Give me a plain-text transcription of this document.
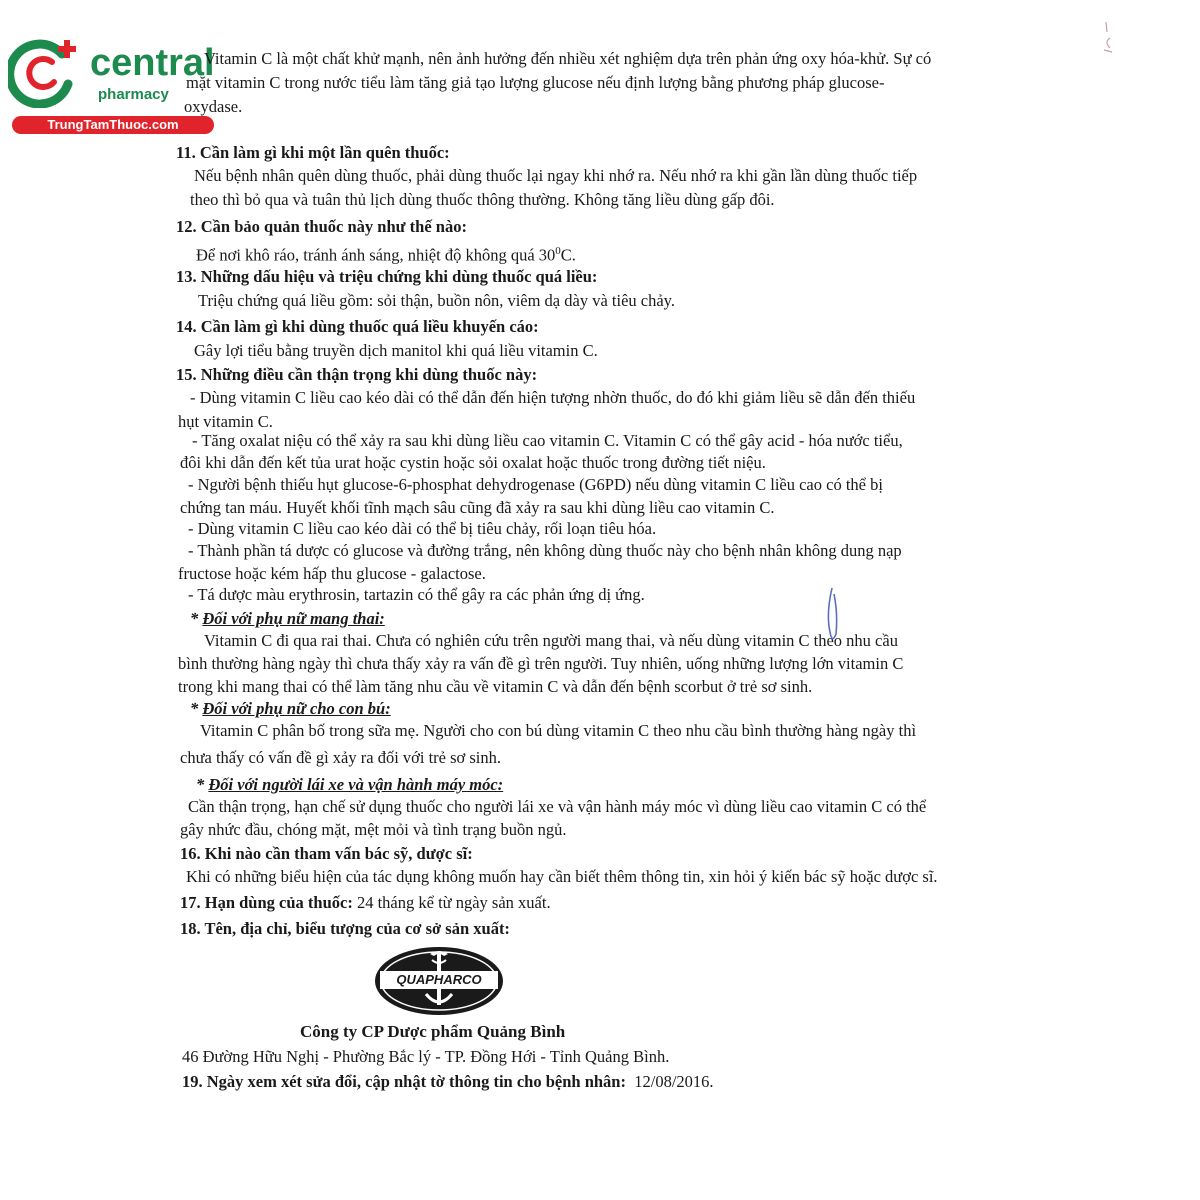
central
pharmacy
TrungTamThuoc.com
Vitamin C là một chất khử mạnh, nên ảnh hưởng đến nhiều xét nghiệm dựa trên phản ứng oxy hóa-khử. Sự có
mặt vitamin C trong nước tiểu làm tăng giả tạo lượng glucose nếu định lượng bằng phương pháp glucose-
oxydase.
11. Cần làm gì khi một lần quên thuốc:
Nếu bệnh nhân quên dùng thuốc, phải dùng thuốc lại ngay khi nhớ ra. Nếu nhớ ra khi gần lần dùng thuốc tiếp
theo thì bỏ qua và tuân thủ lịch dùng thuốc thông thường. Không tăng liều dùng gấp đôi.
12. Cần bảo quản thuốc này như thế nào:
Để nơi khô ráo, tránh ánh sáng, nhiệt độ không quá $30^0C$.
13. Những dấu hiệu và triệu chứng khi dùng thuốc quá liều:
Triệu chứng quá liều gồm: sỏi thận, buồn nôn, viêm dạ dày và tiêu chảy.
14. Cần làm gì khi dùng thuốc quá liều khuyến cáo:
Gây lợi tiểu bằng truyền dịch manitol khi quá liều vitamin C.
15. Những điều cần thận trọng khi dùng thuốc này:
- Dùng vitamin C liều cao kéo dài có thể dẫn đến hiện tượng nhờn thuốc, do đó khi giảm liều sẽ dẫn đến thiếu
hụt vitamin C.
- Tăng oxalat niệu có thể xảy ra sau khi dùng liều cao vitamin C. Vitamin C có thể gây acid - hóa nước tiểu,
đôi khi dẫn đến kết tủa urat hoặc cystin hoặc sỏi oxalat hoặc thuốc trong đường tiết niệu.
- Người bệnh thiếu hụt glucose-6-phosphat dehydrogenase (G6PD) nếu dùng vitamin C liều cao có thể bị
chứng tan máu. Huyết khối tĩnh mạch sâu cũng đã xảy ra sau khi dùng liều cao vitamin C.
- Dùng vitamin C liều cao kéo dài có thể bị tiêu chảy, rối loạn tiêu hóa.
- Thành phần tá dược có glucose và đường trắng, nên không dùng thuốc này cho bệnh nhân không dung nạp
fructose hoặc kém hấp thu glucose - galactose.
- Tá dược màu erythrosin, tartazin có thể gây ra các phản ứng dị ứng.
* Đối với phụ nữ mang thai:
Vitamin C đi qua rai thai. Chưa có nghiên cứu trên người mang thai, và nếu dùng vitamin C theo nhu cầu
bình thường hàng ngày thì chưa thấy xảy ra vấn đề gì trên người. Tuy nhiên, uống những lượng lớn vitamin C
trong khi mang thai có thể làm tăng nhu cầu về vitamin C và dẫn đến bệnh scorbut ở trẻ sơ sinh.
* Đối với phụ nữ cho con bú:
Vitamin C phân bố trong sữa mẹ. Người cho con bú dùng vitamin C theo nhu cầu bình thường hàng ngày thì
chưa thấy có vấn đề gì xảy ra đối với trẻ sơ sinh.
* Đối với người lái xe và vận hành máy móc:
Cần thận trọng, hạn chế sử dụng thuốc cho người lái xe và vận hành máy móc vì dùng liều cao vitamin C có thể
gây nhức đầu, chóng mặt, mệt mỏi và tình trạng buồn ngủ.
16. Khi nào cần tham vấn bác sỹ, dược sĩ:
Khi có những biểu hiện của tác dụng không muốn hay cần biết thêm thông tin, xin hỏi ý kiến bác sỹ hoặc dược sĩ.
17. Hạn dùng của thuốc: 24 tháng kể từ ngày sản xuất.
18. Tên, địa chỉ, biểu tượng của cơ sở sản xuất:
QUAPHARCO
Công ty CP Dược phẩm Quảng Bình
46 Đường Hữu Nghị - Phường Bắc lý - TP. Đồng Hới - Tỉnh Quảng Bình.
19. Ngày xem xét sửa đổi, cập nhật tờ thông tin cho bệnh nhân: 12/08/2016.
